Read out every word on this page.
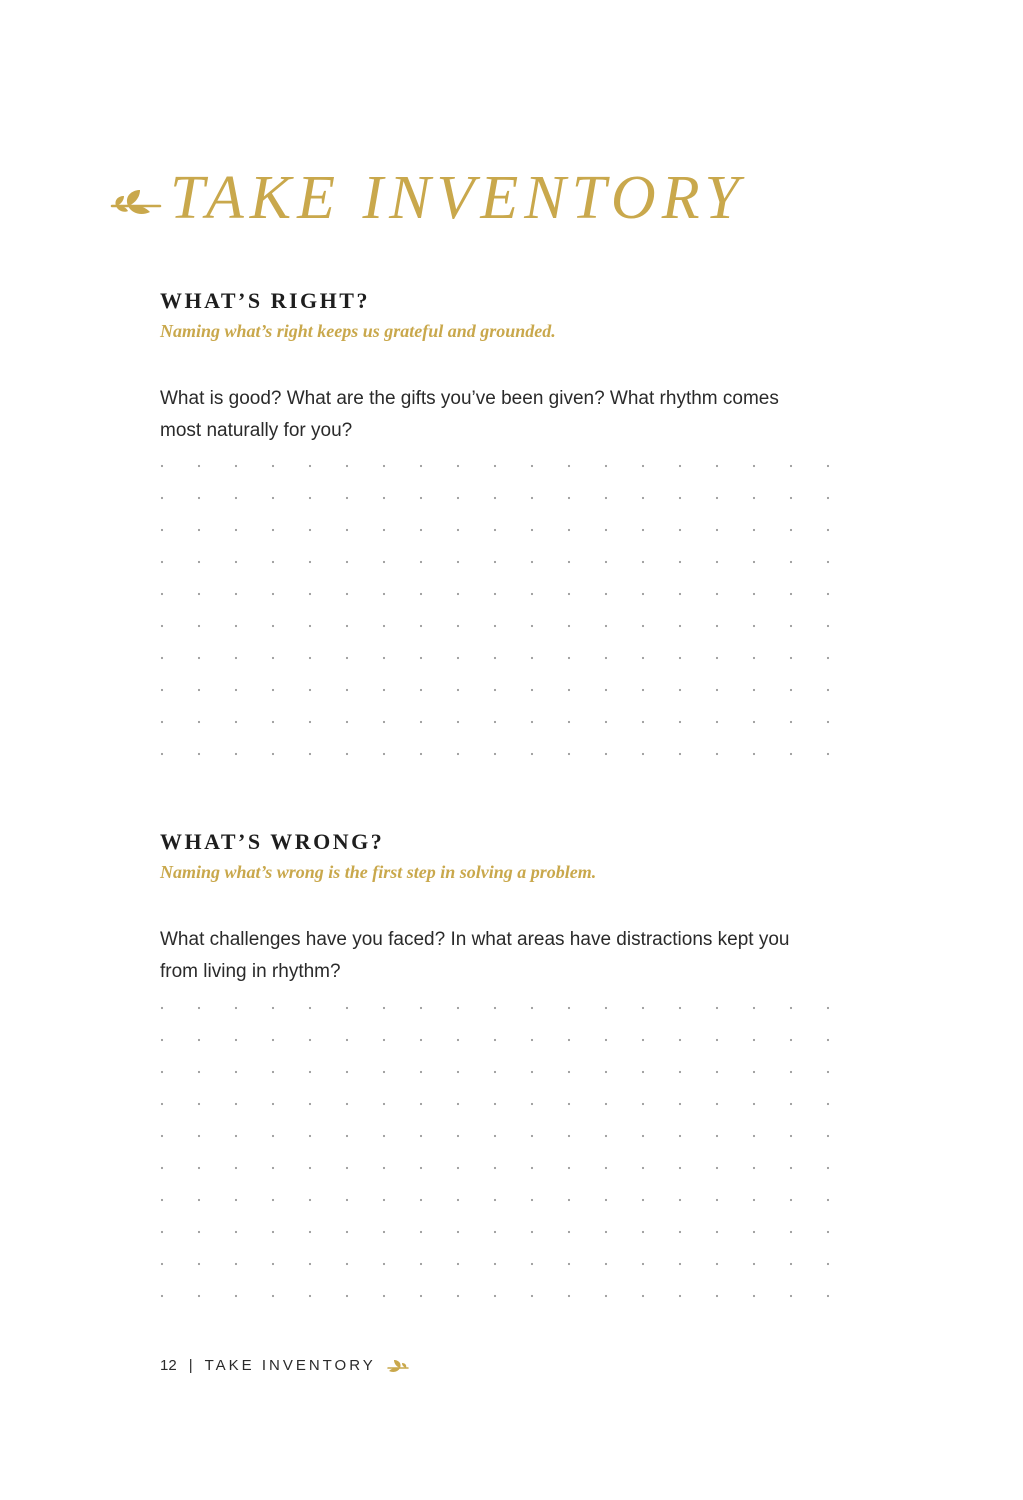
TAKE INVENTORY
WHAT’S RIGHT?

Naming what’s right keeps us grateful and grounded.

What is good? What are the gifts you’ve been given? What rhythm comes most naturally for you?

WHAT’S WRONG?

Naming what’s wrong is the first step in solving a problem.

What challenges have you faced? In what areas have distractions kept you from living in rhythm?

12 | TAKE INVENTORY
